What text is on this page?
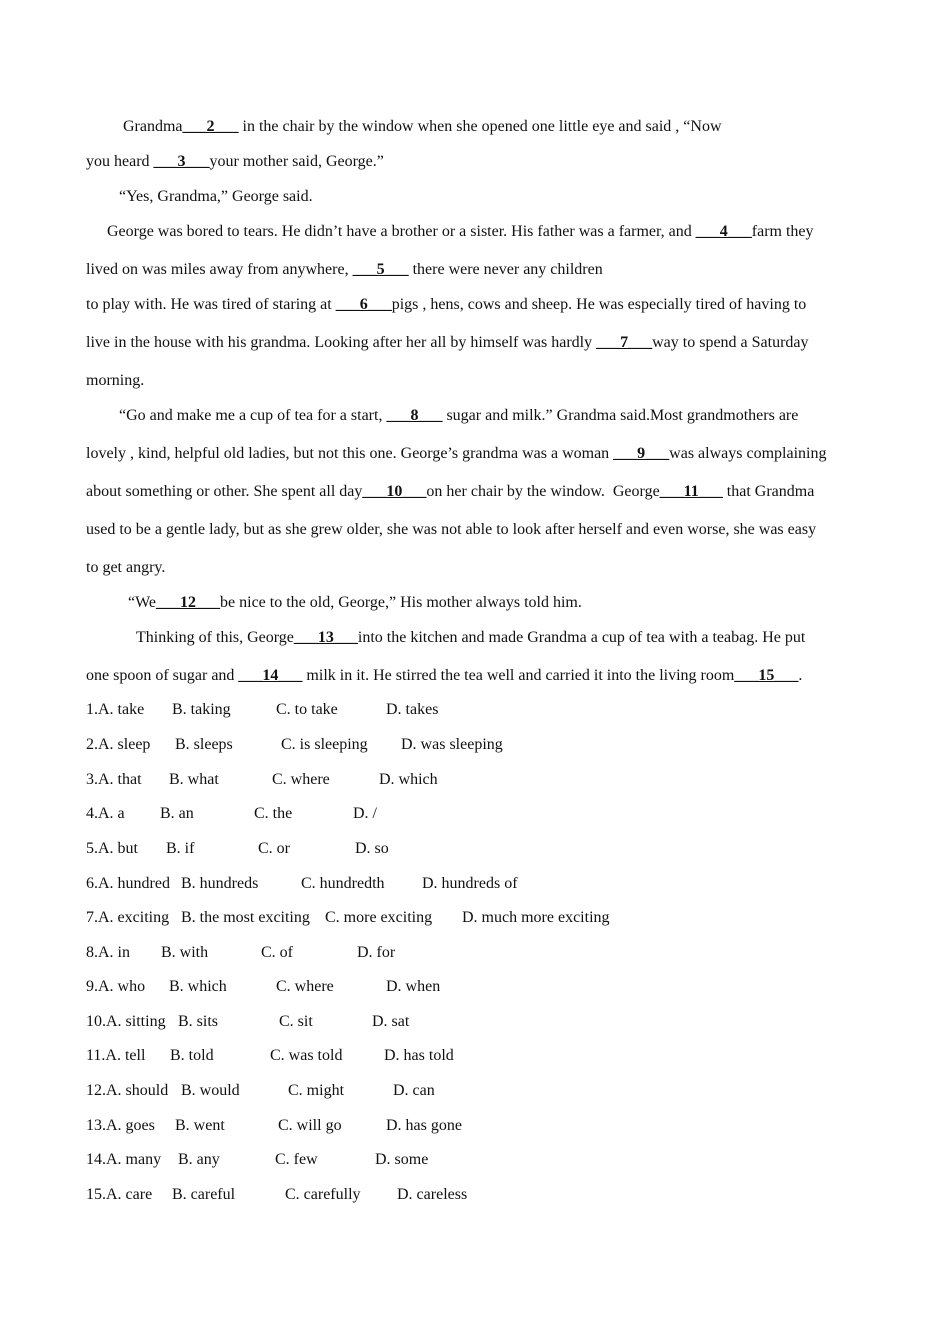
Grandma___2___ in the chair by the window when she opened one little eye and said , “Now
you heard ___3___your mother said, George.”
“Yes, Grandma,” George said.
George was bored to tears. He didn’t have a brother or a sister. His father was a farmer, and ___4___farm they
lived on was miles away from anywhere, ___5___ there were never any children
to play with. He was tired of staring at ___6___pigs , hens, cows and sheep. He was especially tired of having to
live in the house with his grandma. Looking after her all by himself was hardly ___7___way to spend a Saturday
morning.
“Go and make me a cup of tea for a start, ___8___ sugar and milk.” Grandma said.Most grandmothers are
lovely , kind, helpful old ladies, but not this one. George’s grandma was a woman ___9___was always complaining
about something or other. She spent all day___10___on her chair by the window.  George___11___ that Grandma
used to be a gentle lady, but as she grew older, she was not able to look after herself and even worse, she was easy
to get angry.
“We___12___be nice to the old, George,” His mother always told him.
Thinking of this, George___13___into the kitchen and made Grandma a cup of tea with a teabag. He put
one spoon of sugar and ___14___ milk in it. He stirred the tea well and carried it into the living room___15___.
1.A. take B. taking	C. to take	D. takes
2.A. sleep B. sleeps	C. is sleeping D. was sleeping
3.A. that B. what	C. where	D. which
4.A. a B. an	C. the	D. /
5.A. but B. if	C. or	D. so
6.A. hundred B. hundreds	C. hundredth D. hundreds of
7.A. exciting B. the most exciting C. more exciting D. much more exciting
8.A. in B. with	C. of	D. for
9.A. who B. which	C. where	D. when
10.A. sitting B. sits	C. sit	D. sat
11.A. tell B. told	C. was told	D. has told
12.A. should B. would	C. might	D. can
13.A. goes B. went	C. will go	D. has gone
14.A. many B. any	C. few	D. some
15.A. care B. careful	C. carefully D. careless
